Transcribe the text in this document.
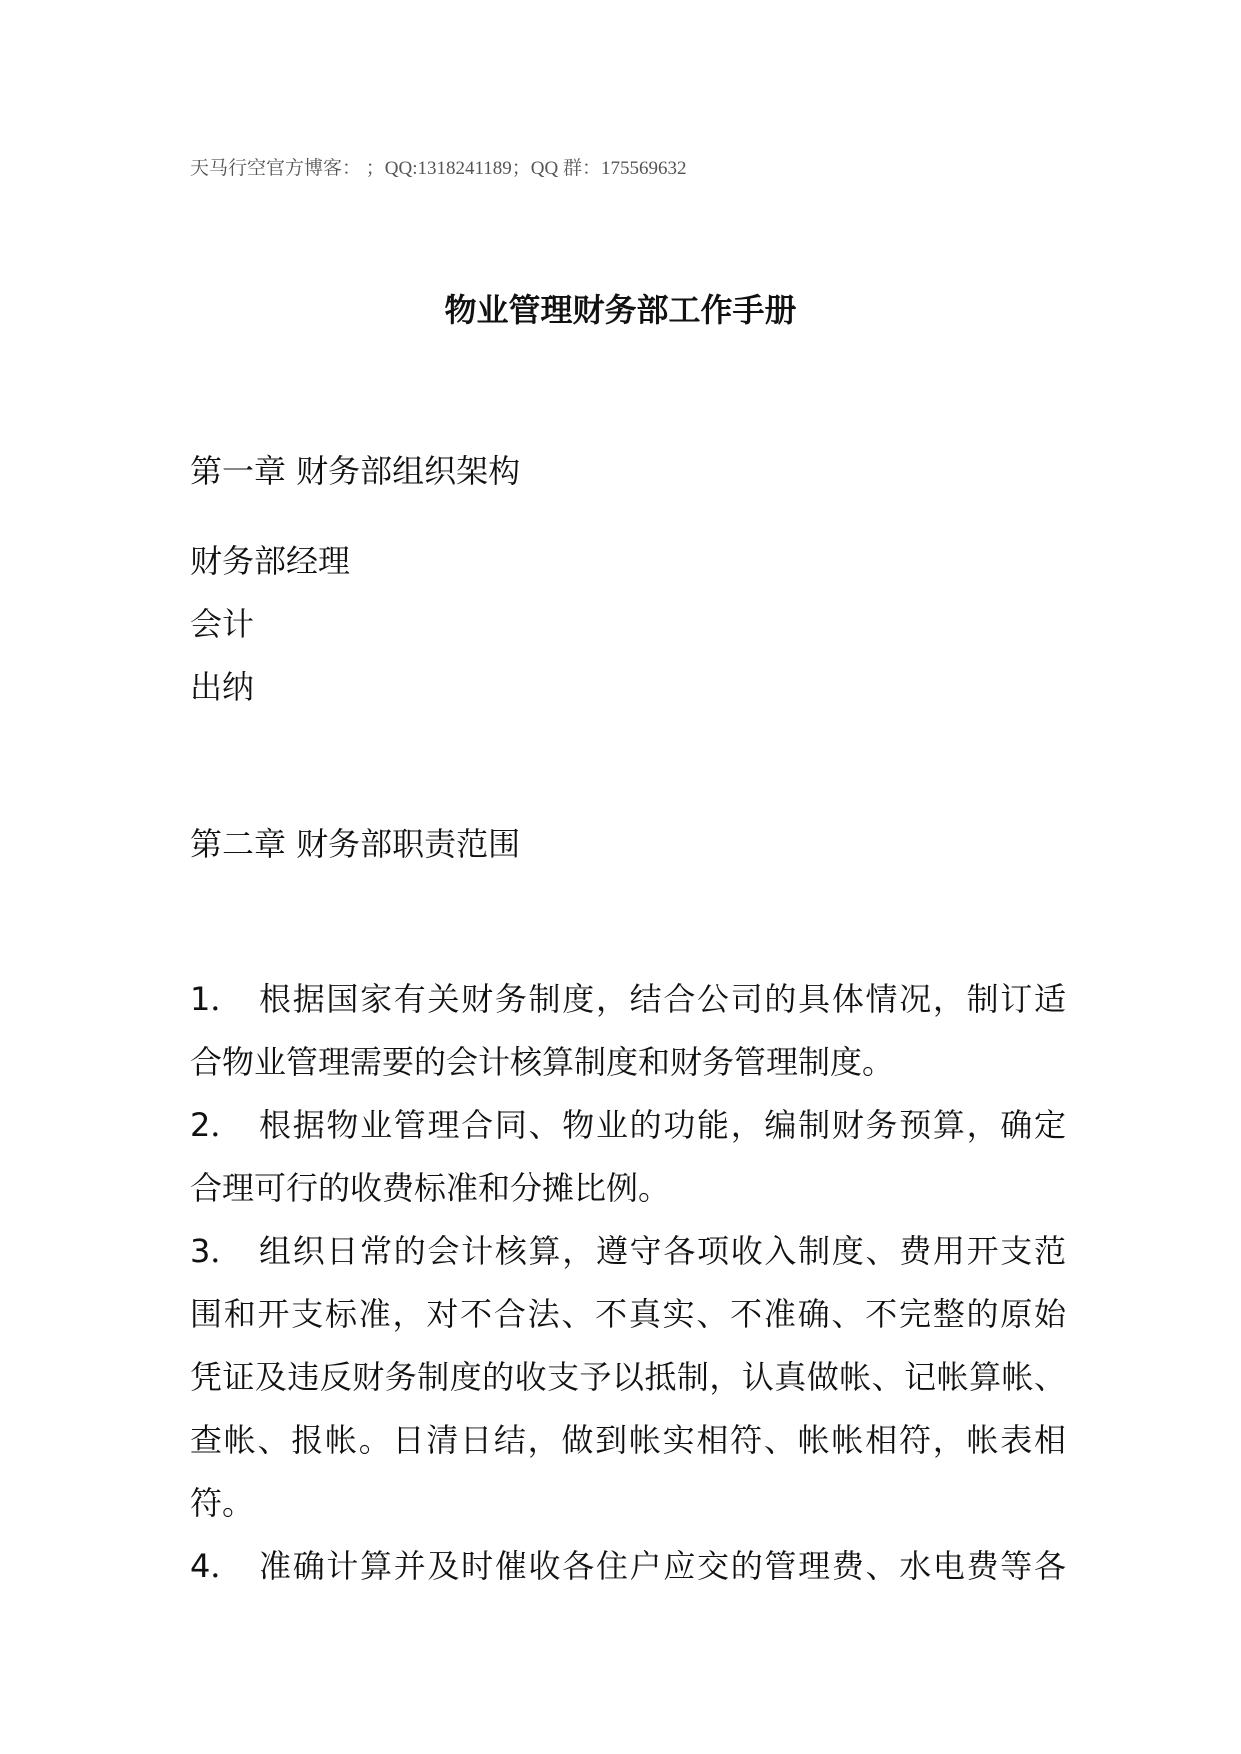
天马行空官方博客： ；QQ:1318241189；QQ 群：175569632
物业管理财务部工作手册
第一章 财务部组织架构
财务部经理
会计
出纳
第二章 财务部职责范围
1． 根据国家有关财务制度，结合公司的具体情况，制订适
合物业管理需要的会计核算制度和财务管理制度。
2． 根据物业管理合同、物业的功能，编制财务预算，确定
合理可行的收费标准和分摊比例。
3． 组织日常的会计核算，遵守各项收入制度、费用开支范
围和开支标准，对不合法、不真实、不准确、不完整的原始
凭证及违反财务制度的收支予以抵制，认真做帐、记帐算帐、
查帐、报帐。日清日结，做到帐实相符、帐帐相符，帐表相
符。
4． 准确计算并及时催收各住户应交的管理费、水电费等各
